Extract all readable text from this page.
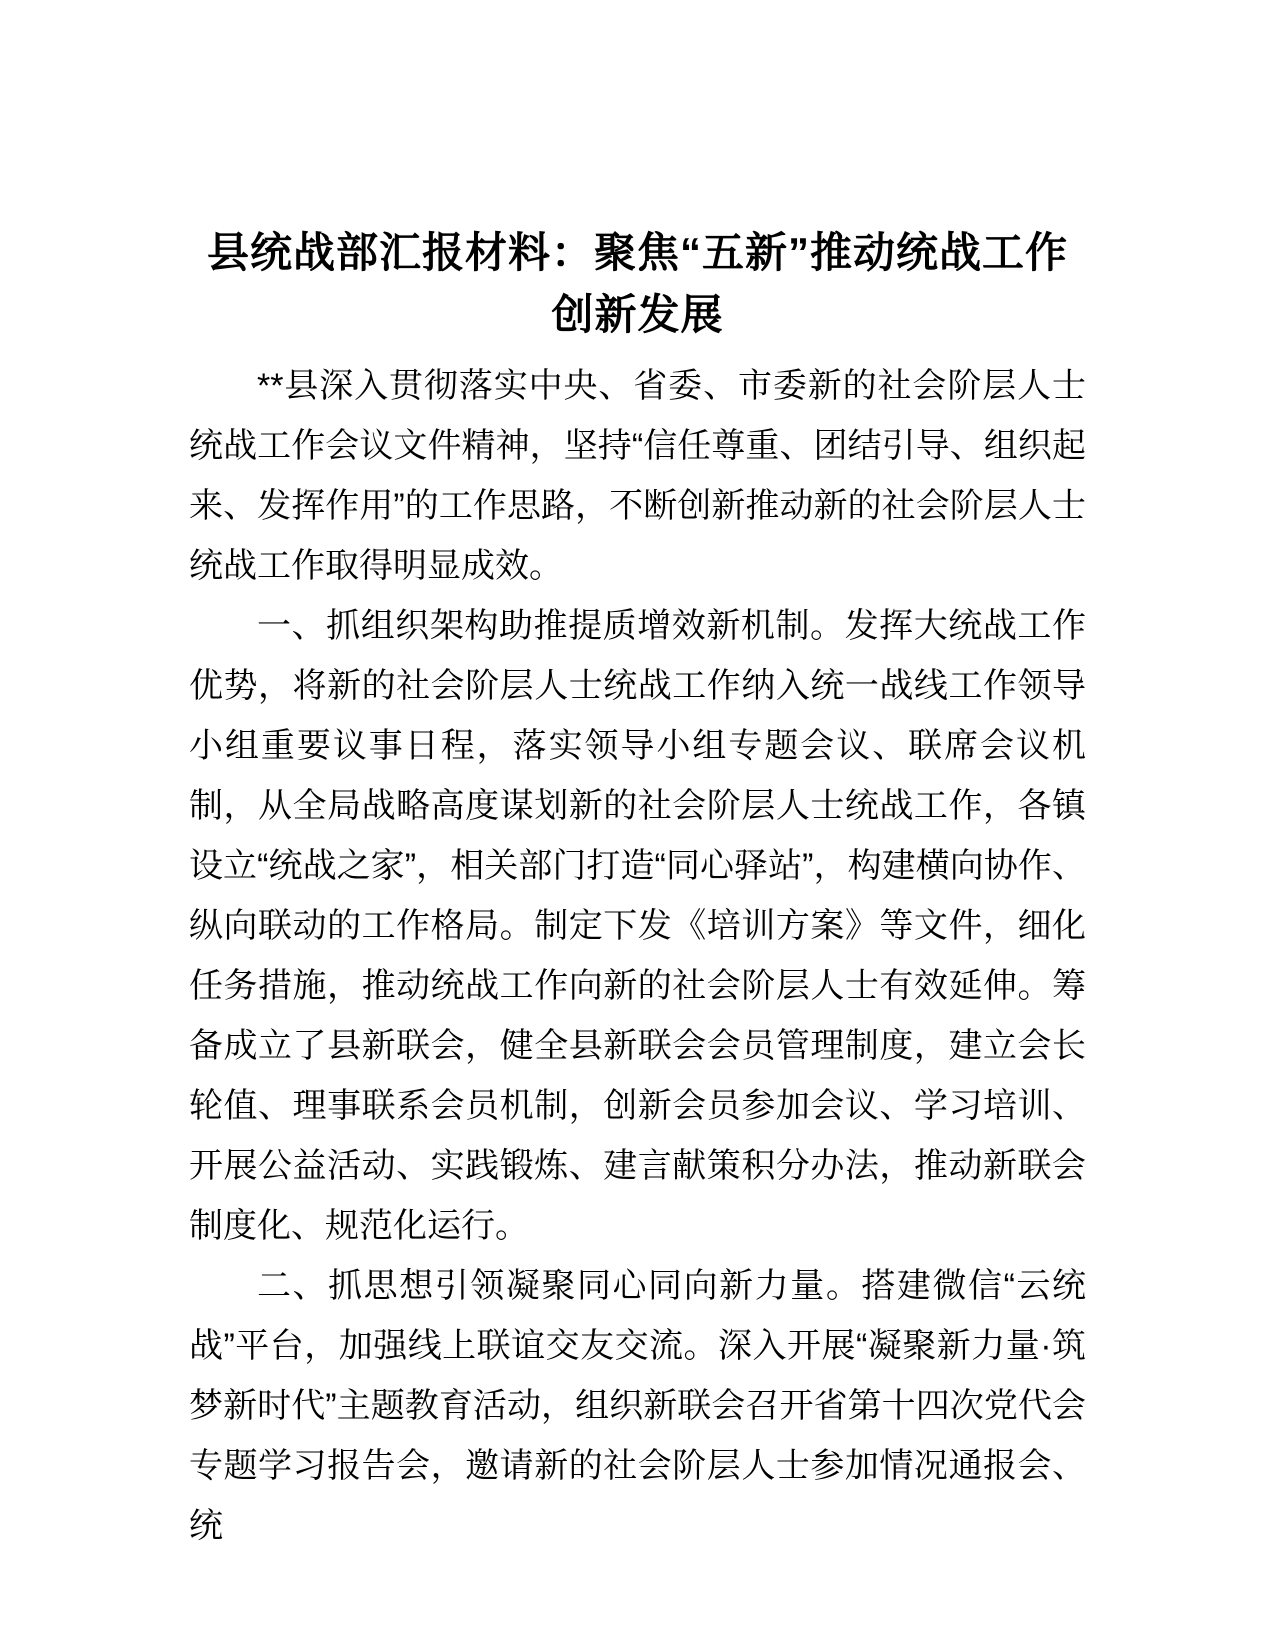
县统战部汇报材料：聚焦“五新”推动统战工作创新发展

**县深入贯彻落实中央、省委、市委新的社会阶层人士统战工作会议文件精神，坚持“信任尊重、团结引导、组织起来、发挥作用”的工作思路，不断创新推动新的社会阶层人士统战工作取得明显成效。

一、抓组织架构助推提质增效新机制。发挥大统战工作优势，将新的社会阶层人士统战工作纳入统一战线工作领导小组重要议事日程，落实领导小组专题会议、联席会议机制，从全局战略高度谋划新的社会阶层人士统战工作，各镇设立“统战之家”，相关部门打造“同心驿站”，构建横向协作、纵向联动的工作格局。制定下发《培训方案》等文件，细化任务措施，推动统战工作向新的社会阶层人士有效延伸。筹备成立了县新联会，健全县新联会会员管理制度，建立会长轮值、理事联系会员机制，创新会员参加会议、学习培训、开展公益活动、实践锻炼、建言献策积分办法，推动新联会制度化、规范化运行。

二、抓思想引领凝聚同心同向新力量。搭建微信“云统战”平台，加强线上联谊交友交流。深入开展“凝聚新力量·筑梦新时代”主题教育活动，组织新联会召开省第十四次党代会专题学习报告会，邀请新的社会阶层人士参加情况通报会、统
